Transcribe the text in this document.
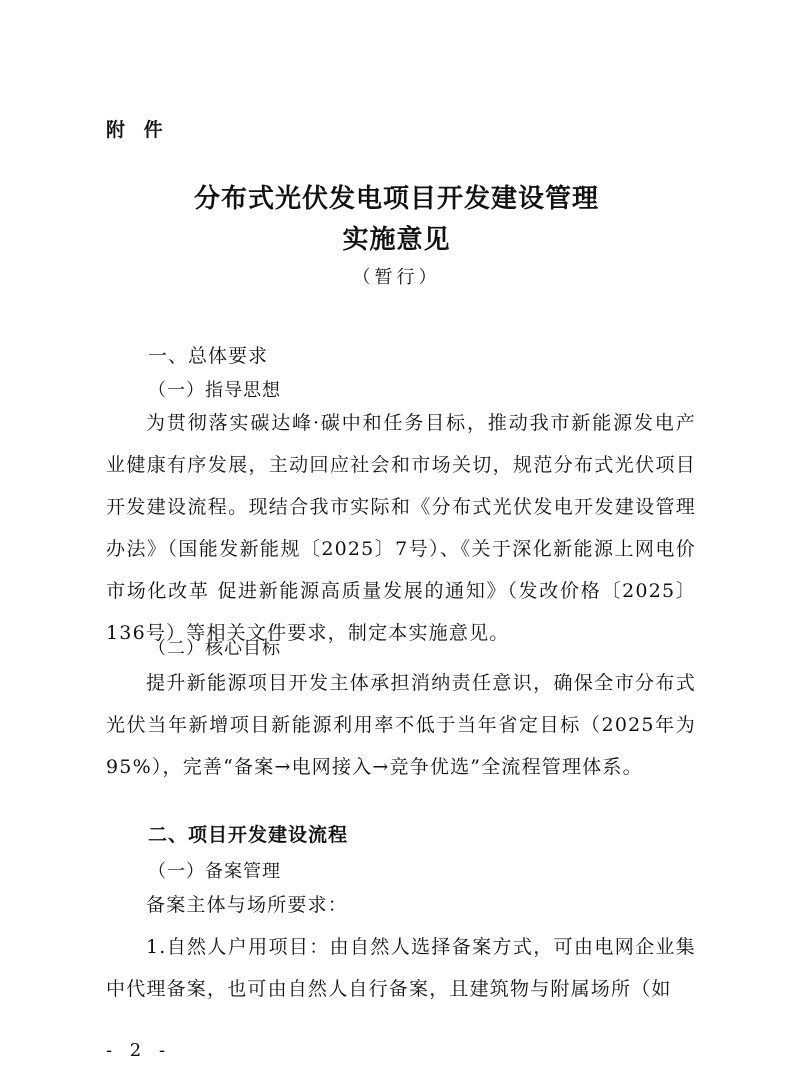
附 件
分布式光伏发电项目开发建设管理
实施意见
（暂行）
一、总体要求
（一）指导思想
为贯彻落实碳达峰·碳中和任务目标，推动我市新能源发电产业健康有序发展，主动回应社会和市场关切，规范分布式光伏项目开发建设流程。现结合我市实际和《分布式光伏发电开发建设管理办法》（国能发新能规〔2025〕7号）、《关于深化新能源上网电价市场化改革 促进新能源高质量发展的通知》（发改价格〔2025〕136号）等相关文件要求，制定本实施意见。
（二）核心目标
提升新能源项目开发主体承担消纳责任意识，确保全市分布式光伏当年新增项目新能源利用率不低于当年省定目标（2025年为95%），完善“备案→电网接入→竞争优选”全流程管理体系。
二、项目开发建设流程
（一）备案管理
备案主体与场所要求：
1.自然人户用项目：由自然人选择备案方式，可由电网企业集中代理备案，也可由自然人自行备案，且建筑物与附属场所（如
- 2 -
